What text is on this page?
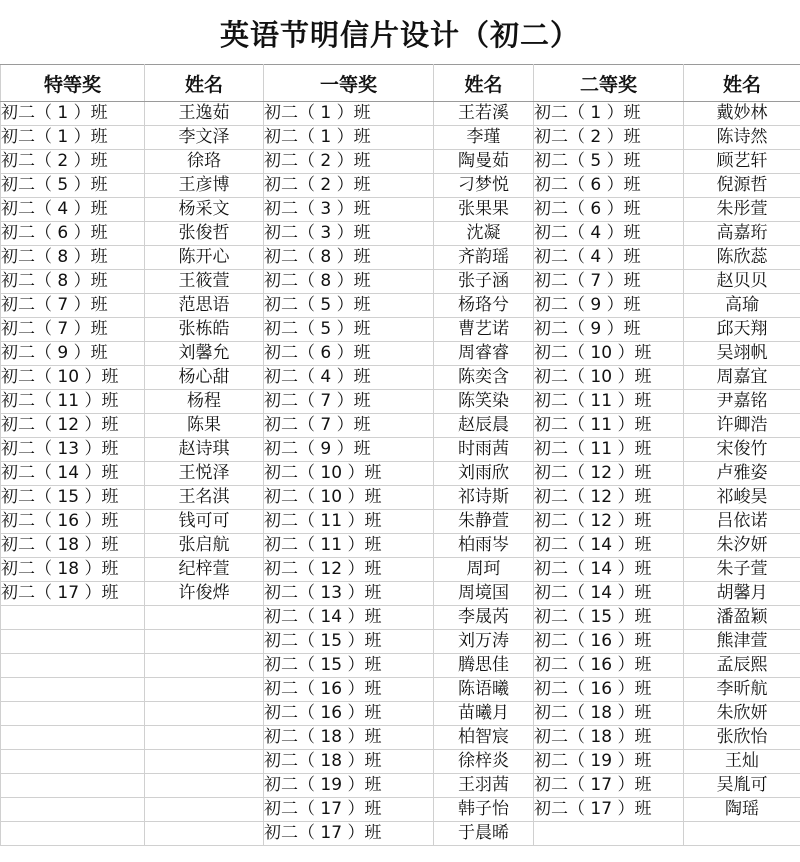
英语节明信片设计（初二）
特等奖	姓名	一等奖	姓名	二等奖	姓名
初二（ 1 ）班	王逸茹	初二（ 1 ）班	王若溪	初二（ 1 ）班	戴妙林
初二（ 1 ）班	李文泽	初二（ 1 ）班	李瑾	初二（ 2 ）班	陈诗然
初二（ 2 ）班	徐珞	初二（ 2 ）班	陶曼茹	初二（ 5 ）班	顾艺轩
初二（ 5 ）班	王彦博	初二（ 2 ）班	刁梦悦	初二（ 6 ）班	倪源哲
初二（ 4 ）班	杨采文	初二（ 3 ）班	张果果	初二（ 6 ）班	朱彤萱
初二（ 6 ）班	张俊哲	初二（ 3 ）班	沈凝	初二（ 4 ）班	高嘉珩
初二（ 8 ）班	陈开心	初二（ 8 ）班	齐韵瑶	初二（ 4 ）班	陈欣蕊
初二（ 8 ）班	王筱萱	初二（ 8 ）班	张子涵	初二（ 7 ）班	赵贝贝
初二（ 7 ）班	范思语	初二（ 5 ）班	杨珞兮	初二（ 9 ）班	高瑜
初二（ 7 ）班	张栋皓	初二（ 5 ）班	曹艺诺	初二（ 9 ）班	邱天翔
初二（ 9 ）班	刘馨允	初二（ 6 ）班	周睿睿	初二（ 10 ）班	吴翊帆
初二（ 10 ）班	杨心甜	初二（ 4 ）班	陈奕含	初二（ 10 ）班	周嘉宜
初二（ 11 ）班	杨程	初二（ 7 ）班	陈笑染	初二（ 11 ）班	尹嘉铭
初二（ 12 ）班	陈果	初二（ 7 ）班	赵辰晨	初二（ 11 ）班	许卿浩
初二（ 13 ）班	赵诗琪	初二（ 9 ）班	时雨茜	初二（ 11 ）班	宋俊竹
初二（ 14 ）班	王悦泽	初二（ 10 ）班	刘雨欣	初二（ 12 ）班	卢雅姿
初二（ 15 ）班	王名淇	初二（ 10 ）班	祁诗斯	初二（ 12 ）班	祁峻昊
初二（ 16 ）班	钱可可	初二（ 11 ）班	朱静萱	初二（ 12 ）班	吕依诺
初二（ 18 ）班	张启航	初二（ 11 ）班	柏雨岑	初二（ 14 ）班	朱汐妍
初二（ 18 ）班	纪梓萱	初二（ 12 ）班	周珂	初二（ 14 ）班	朱子萱
初二（ 17 ）班	许俊烨	初二（ 13 ）班	周境国	初二（ 14 ）班	胡馨月
		初二（ 14 ）班	李晟芮	初二（ 15 ）班	潘盈颖
		初二（ 15 ）班	刘万涛	初二（ 16 ）班	熊津萱
		初二（ 15 ）班	腾思佳	初二（ 16 ）班	孟辰熙
		初二（ 16 ）班	陈语曦	初二（ 16 ）班	李昕航
		初二（ 16 ）班	苗曦月	初二（ 18 ）班	朱欣妍
		初二（ 18 ）班	柏智宸	初二（ 18 ）班	张欣怡
		初二（ 18 ）班	徐梓炎	初二（ 19 ）班	王灿
		初二（ 19 ）班	王羽茜	初二（ 17 ）班	吴胤可
		初二（ 17 ）班	韩子怡	初二（ 17 ）班	陶瑶
		初二（ 17 ）班	于晨晞		
